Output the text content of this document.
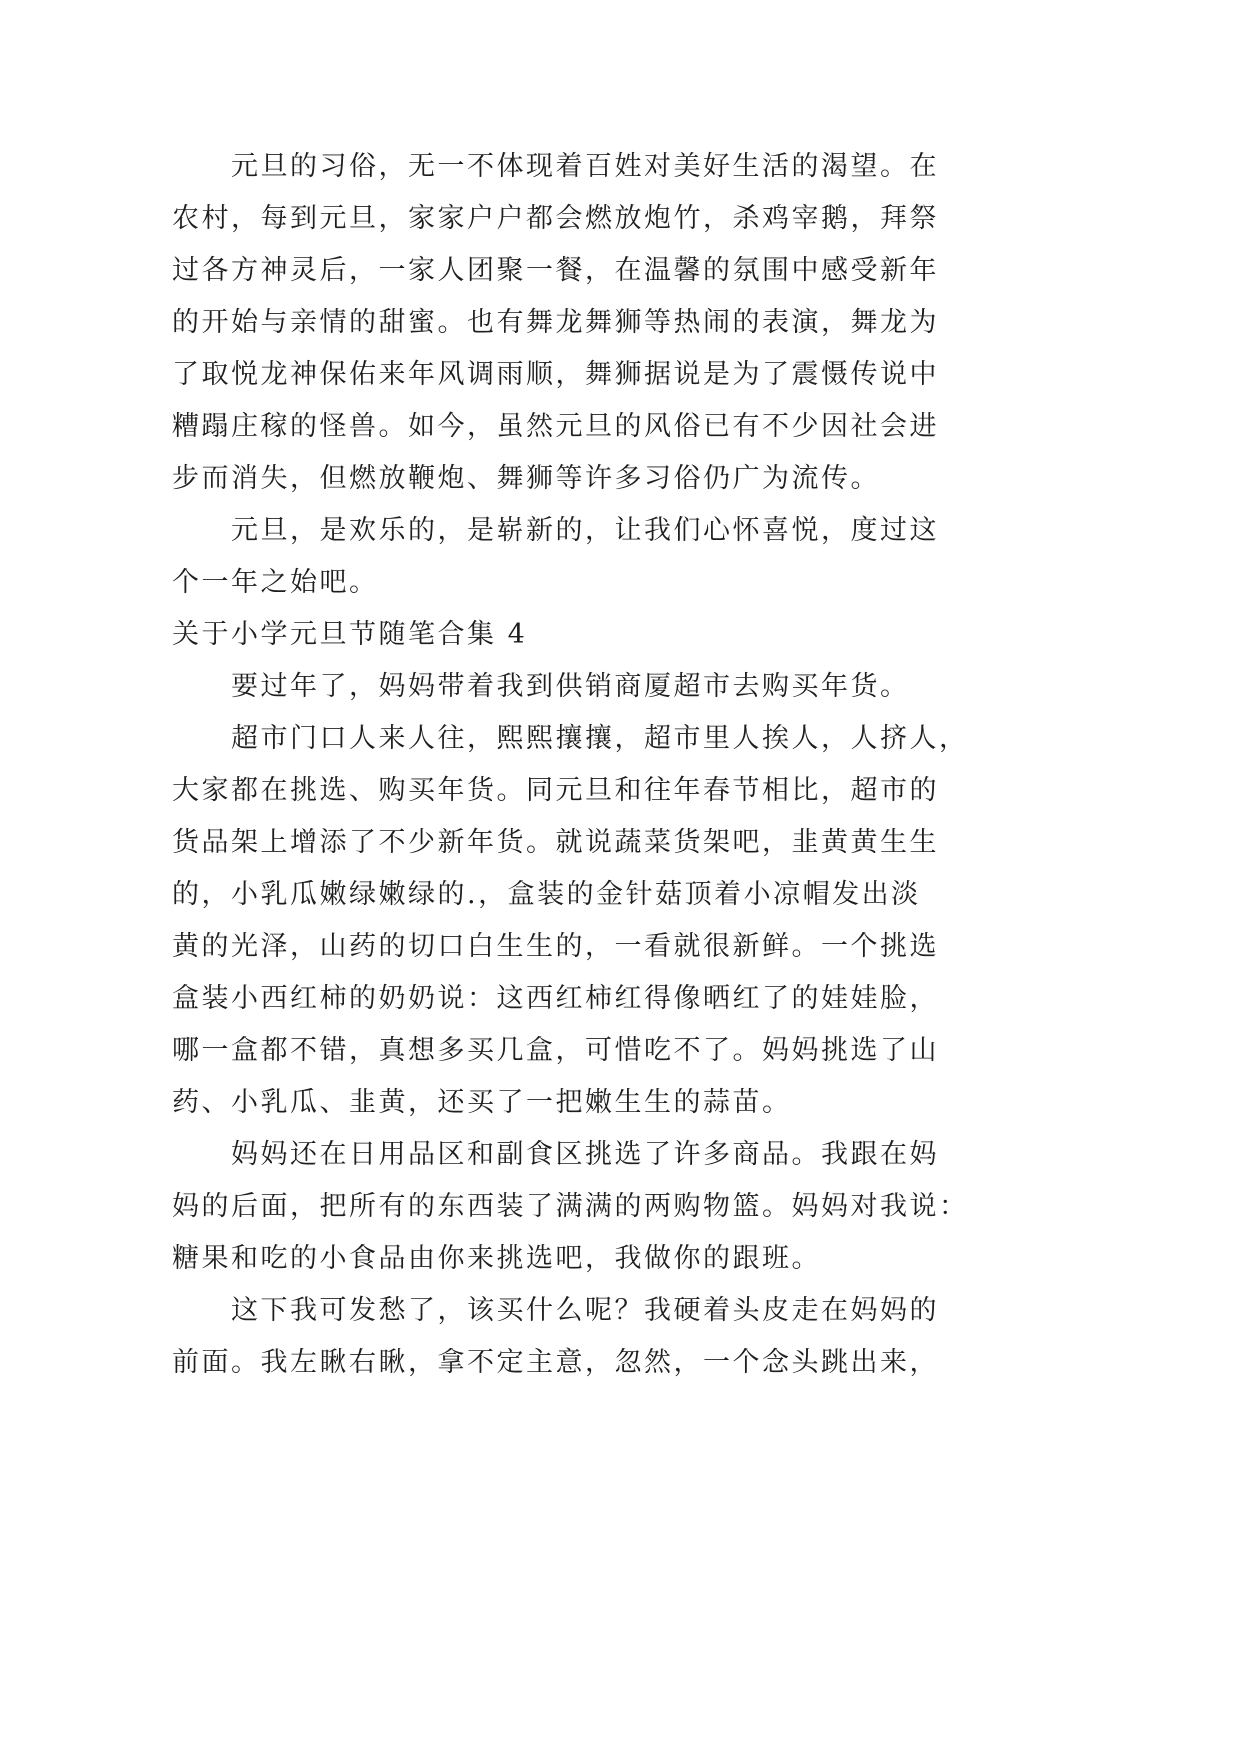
元旦的习俗，无一不体现着百姓对美好生活的渴望。在
农村，每到元旦，家家户户都会燃放炮竹，杀鸡宰鹅，拜祭
过各方神灵后，一家人团聚一餐，在温馨的氛围中感受新年
的开始与亲情的甜蜜。也有舞龙舞狮等热闹的表演，舞龙为
了取悦龙神保佑来年风调雨顺，舞狮据说是为了震慑传说中
糟蹋庄稼的怪兽。如今，虽然元旦的风俗已有不少因社会进
步而消失，但燃放鞭炮、舞狮等许多习俗仍广为流传。
元旦，是欢乐的，是崭新的，让我们心怀喜悦，度过这
个一年之始吧。
关于小学元旦节随笔合集 4
要过年了，妈妈带着我到供销商厦超市去购买年货。
超市门口人来人往，熙熙攘攘，超市里人挨人，人挤人，
大家都在挑选、购买年货。同元旦和往年春节相比，超市的
货品架上增添了不少新年货。就说蔬菜货架吧，韭黄黄生生
的，小乳瓜嫩绿嫩绿的.，盒装的金针菇顶着小凉帽发出淡
黄的光泽，山药的切口白生生的，一看就很新鲜。一个挑选
盒装小西红柿的奶奶说：这西红柿红得像晒红了的娃娃脸，
哪一盒都不错，真想多买几盒，可惜吃不了。妈妈挑选了山
药、小乳瓜、韭黄，还买了一把嫩生生的蒜苗。
妈妈还在日用品区和副食区挑选了许多商品。我跟在妈
妈的后面，把所有的东西装了满满的两购物篮。妈妈对我说：
糖果和吃的小食品由你来挑选吧，我做你的跟班。
这下我可发愁了，该买什么呢？我硬着头皮走在妈妈的
前面。我左瞅右瞅，拿不定主意，忽然，一个念头跳出来，
